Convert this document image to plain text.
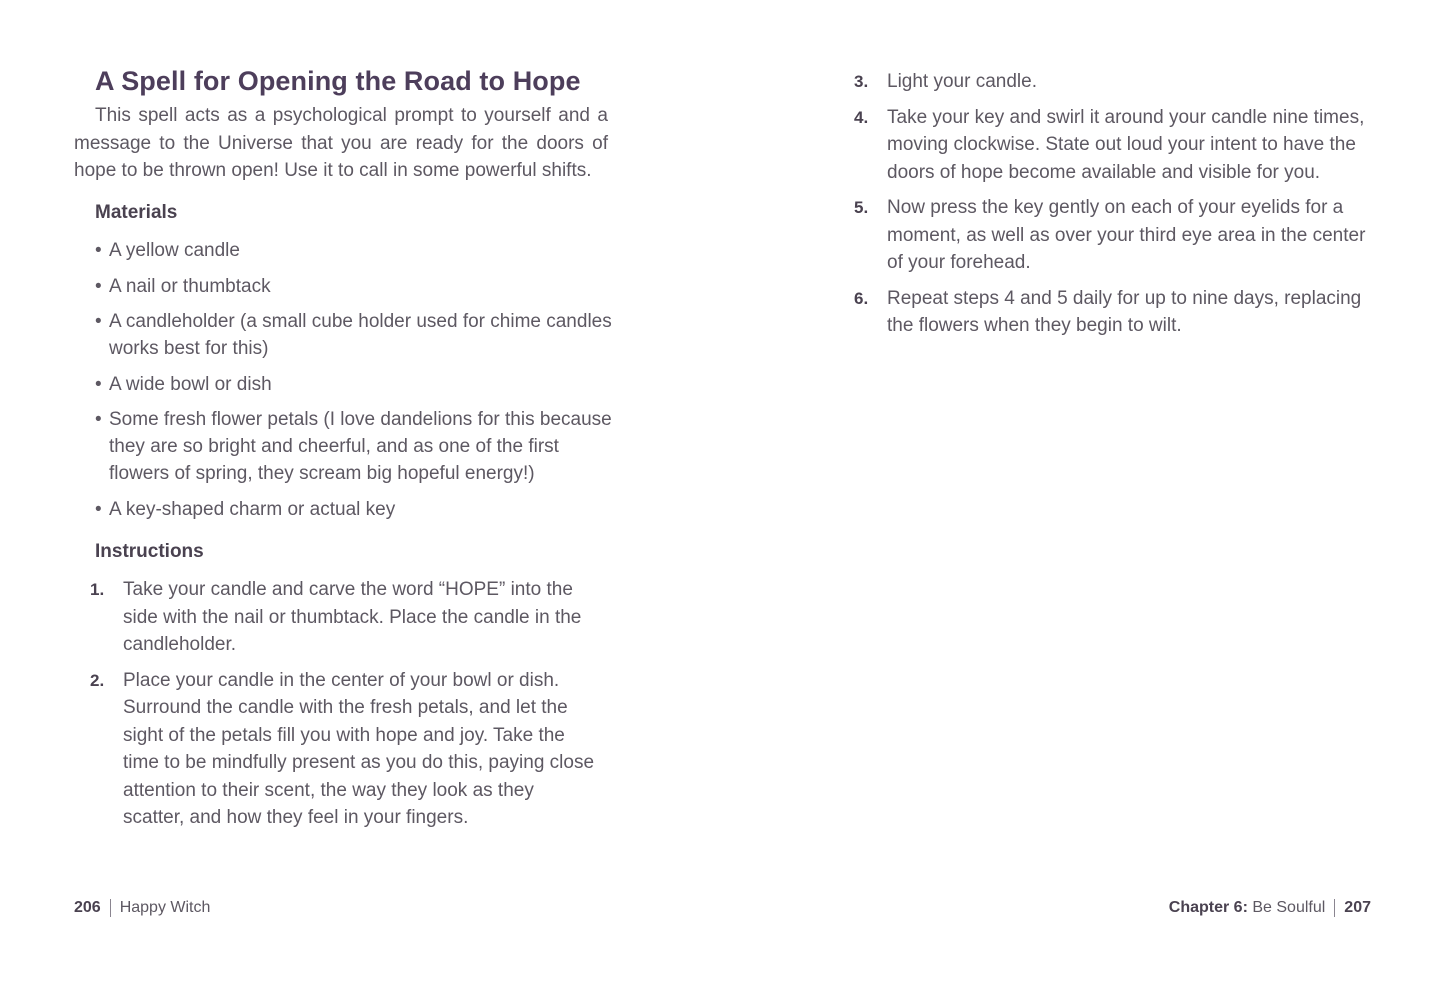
A Spell for Opening the Road to Hope

This spell acts as a psychological prompt to yourself and a message to the Universe that you are ready for the doors of hope to be thrown open! Use it to call in some powerful shifts.

Materials
• A yellow candle
• A nail or thumbtack
• A candleholder (a small cube holder used for chime candles works best for this)
• A wide bowl or dish
• Some fresh flower petals (I love dandelions for this because they are so bright and cheerful, and as one of the first flowers of spring, they scream big hopeful energy!)
• A key-shaped charm or actual key
Instructions
1. Take your candle and carve the word “HOPE” into the side with the nail or thumbtack. Place the candle in the candleholder.
2. Place your candle in the center of your bowl or dish. Surround the candle with the fresh petals, and let the sight of the petals fill you with hope and joy. Take the time to be mindfully present as you do this, paying close attention to their scent, the way they look as they scatter, and how they feel in your fingers.
206 Happy Witch
3. Light your candle.
4. Take your key and swirl it around your candle nine times, moving clockwise. State out loud your intent to have the doors of hope become available and visible for you.
5. Now press the key gently on each of your eyelids for a moment, as well as over your third eye area in the center of your forehead.
6. Repeat steps 4 and 5 daily for up to nine days, replacing the flowers when they begin to wilt.
Chapter 6:
Be Soulful 207
